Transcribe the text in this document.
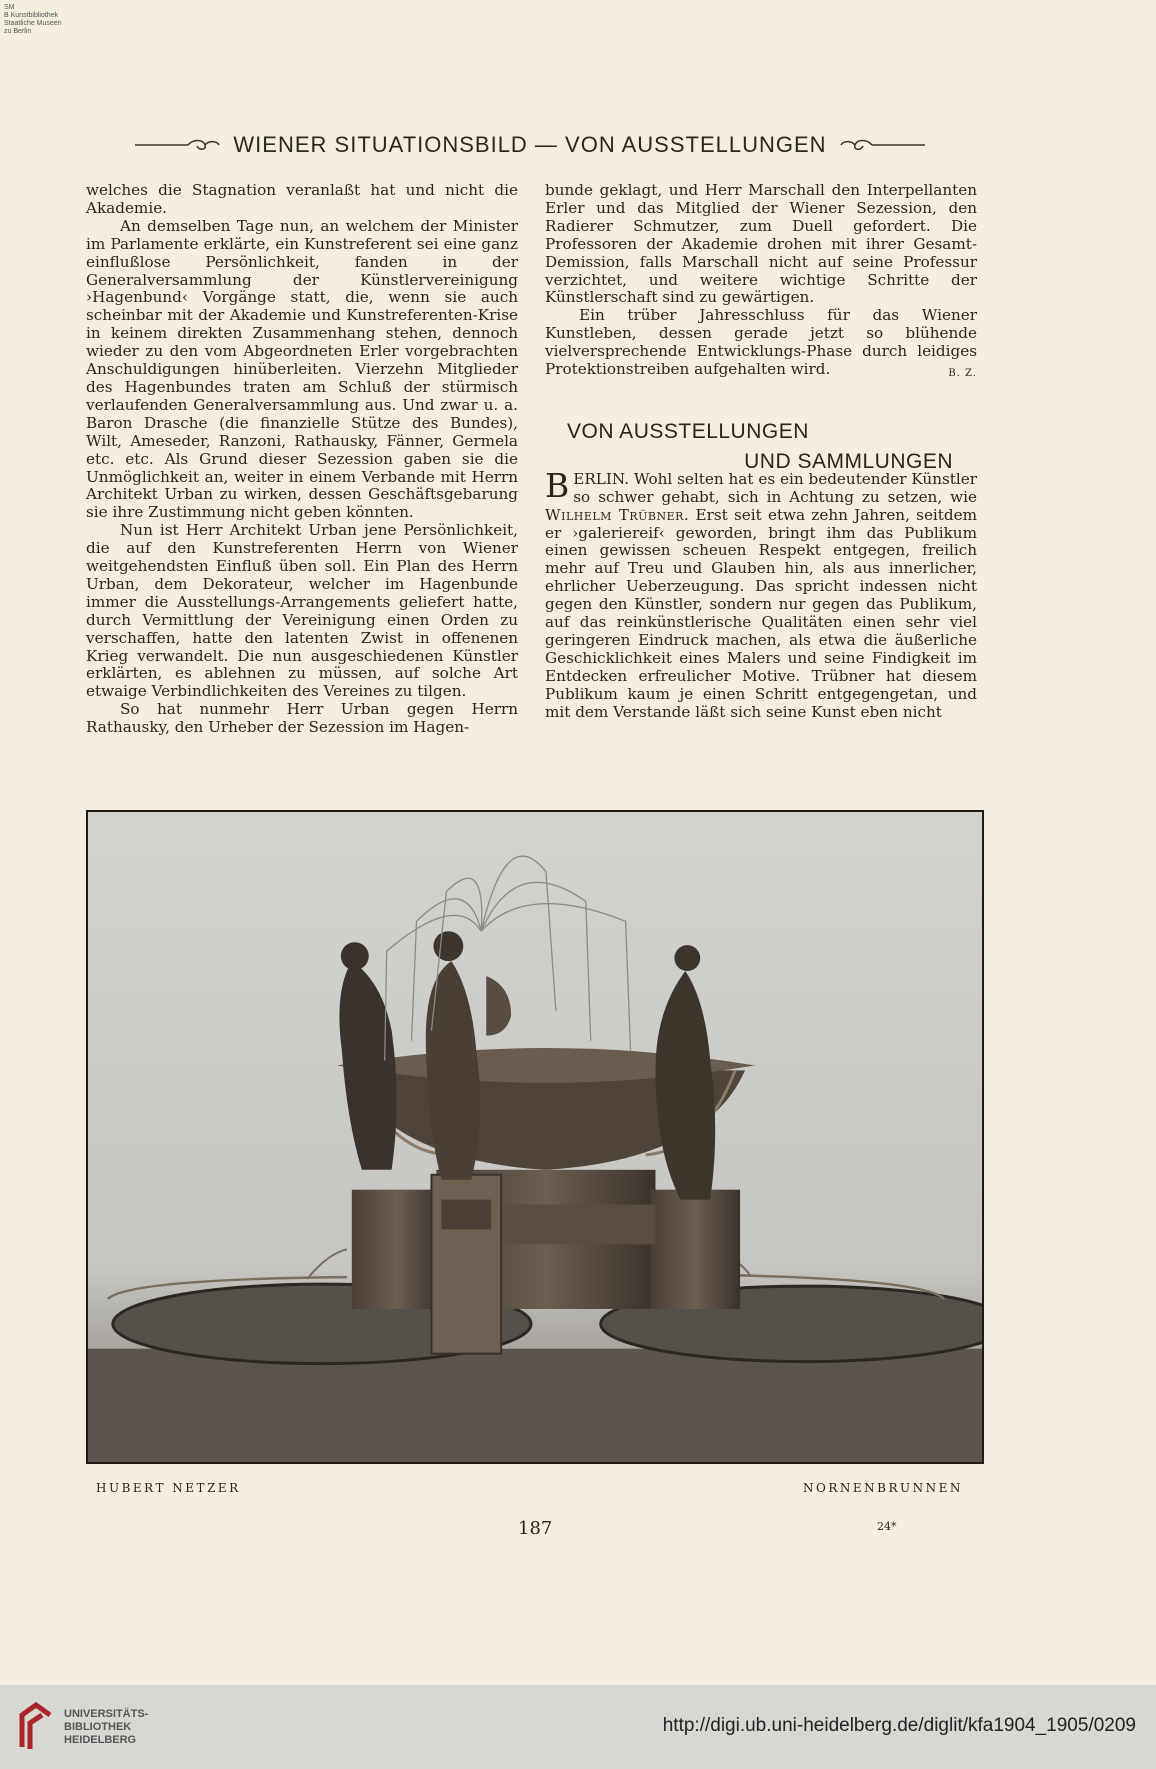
SM
B Kunstbibliothek
Staatliche Museen
zu Berlin
WIENER SITUATIONSBILD — VON AUSSTELLUNGEN

welches die Stagnation veranlaßt hat und nicht die Akademie.

An demselben Tage nun, an welchem der Minister im Parlamente erklärte, ein Kunstreferent sei eine ganz einflußlose Persönlichkeit, fanden in der Generalversammlung der Künstlervereinigung ›Hagenbund‹ Vorgänge statt, die, wenn sie auch scheinbar mit der Akademie und Kunstreferenten-Krise in keinem direkten Zusammenhang stehen, dennoch wieder zu den vom Abgeordneten Erler vorgebrachten Anschuldigungen hinüberleiten. Vierzehn Mitglieder des Hagenbundes traten am Schluß der stürmisch verlaufenden Generalversammlung aus. Und zwar u. a. Baron Drasche (die finanzielle Stütze des Bundes), Wilt, Ameseder, Ranzoni, Rathausky, Fänner, Germela etc. etc. Als Grund dieser Sezession gaben sie die Unmöglichkeit an, weiter in einem Verbande mit Herrn Architekt Urban zu wirken, dessen Geschäftsgebarung sie ihre Zustimmung nicht geben könnten.

Nun ist Herr Architekt Urban jene Persönlichkeit, die auf den Kunstreferenten Herrn von Wiener weitgehendsten Einfluß üben soll. Ein Plan des Herrn Urban, dem Dekorateur, welcher im Hagenbunde immer die Ausstellungs-Arrangements geliefert hatte, durch Vermittlung der Vereinigung einen Orden zu verschaffen, hatte den latenten Zwist in offenenen Krieg verwandelt. Die nun ausgeschiedenen Künstler erklärten, es ablehnen zu müssen, auf solche Art etwaige Verbindlichkeiten des Vereines zu tilgen.

So hat nunmehr Herr Urban gegen Herrn Rathausky, den Urheber der Sezession im Hagen-

bunde geklagt, und Herr Marschall den Interpellanten Erler und das Mitglied der Wiener Sezession, den Radierer Schmutzer, zum Duell gefordert. Die Professoren der Akademie drohen mit ihrer Gesamt-Demission, falls Marschall nicht auf seine Professur verzichtet, und weitere wichtige Schritte der Künstlerschaft sind zu gewärtigen.

Ein trüber Jahresschluss für das Wiener Kunstleben, dessen gerade jetzt so blühende vielversprechende Entwicklungs-Phase durch leidiges Protektionstreiben aufgehalten wird.	B. Z.

VON AUSSTELLUNGEN
UND SAMMLUNGEN

BERLIN. Wohl selten hat es ein bedeutender Künstler so schwer gehabt, sich in Achtung zu setzen, wie Wilhelm Trübner. Erst seit etwa zehn Jahren, seitdem er ›galeriereif‹ geworden, bringt ihm das Publikum einen gewissen scheuen Respekt entgegen, freilich mehr auf Treu und Glauben hin, als aus innerlicher, ehrlicher Ueberzeugung. Das spricht indessen nicht gegen den Künstler, sondern nur gegen das Publikum, auf das reinkünstlerische Qualitäten einen sehr viel geringeren Eindruck machen, als etwa die äußerliche Geschicklichkeit eines Malers und seine Findigkeit im Entdecken erfreulicher Motive. Trübner hat diesem Publikum kaum je einen Schritt entgegengetan, und mit dem Verstande läßt sich seine Kunst eben nicht

HUBERT NETZER	NORNENBRUNNEN
187	24*
UNIVERSITÄTS-
BIBLIOTHEK
HEIDELBERG
http://digi.ub.uni-heidelberg.de/diglit/kfa1904_1905/0209
